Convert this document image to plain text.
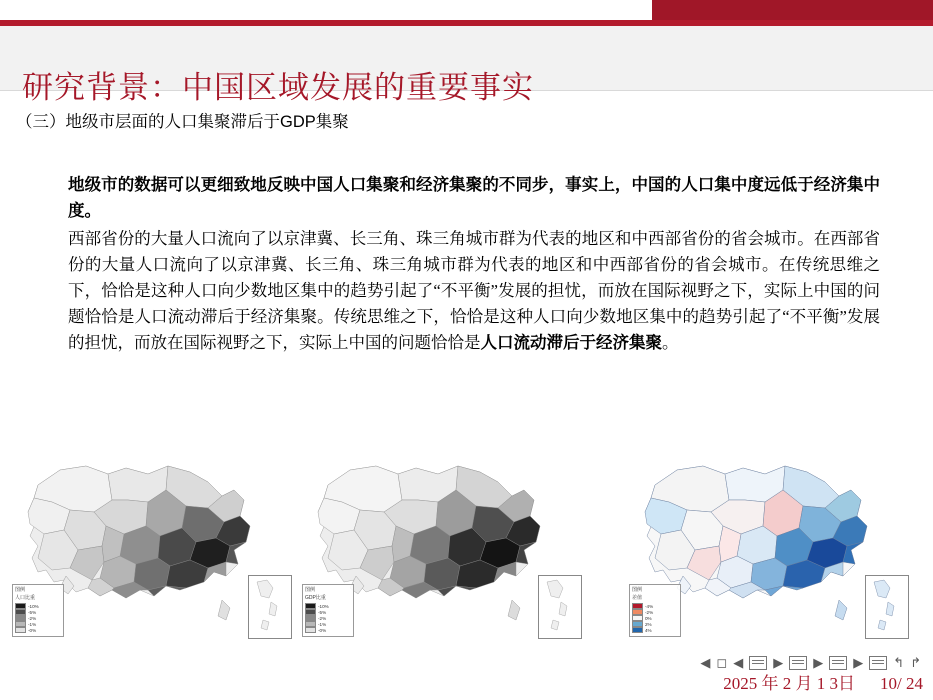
研究背景：中国区域发展的重要事实
（三）地级市层面的人口集聚滞后于GDP集聚

地级市的数据可以更细致地反映中国人口集聚和经济集聚的不同步，事实上，中国的人口集中度远低于经济集中度。

西部省份的大量人口流向了以京津冀、长三角、珠三角城市群为代表的地区和中西部省份的省会城市。在西部省份的大量人口流向了以京津冀、长三角、珠三角城市群为代表的地区和中西部省份的省会城市。在传统思维之下，恰恰是这种人口向少数地区集中的趋势引起了“不平衡”发展的担忧，而放在国际视野之下，实际上中国的问题恰恰是人口流动滞后于经济集聚。传统思维之下，恰恰是这种人口向少数地区集中的趋势引起了“不平衡”发展的担忧，而放在国际视野之下，实际上中国的问题恰恰是人口流动滞后于经济集聚。

图例
人口比重
-10%
-5%
-2%
-1%
-0%
图例
GDP比重
-10%
-5%
-2%
-1%
-0%
图例
差值
-4%
-2%
0%
2%
4%
◀ ◻ ◀ ▶ ▶ ▶ ↰ ↱
2025 年 2 月 1 3日 10/ 24
